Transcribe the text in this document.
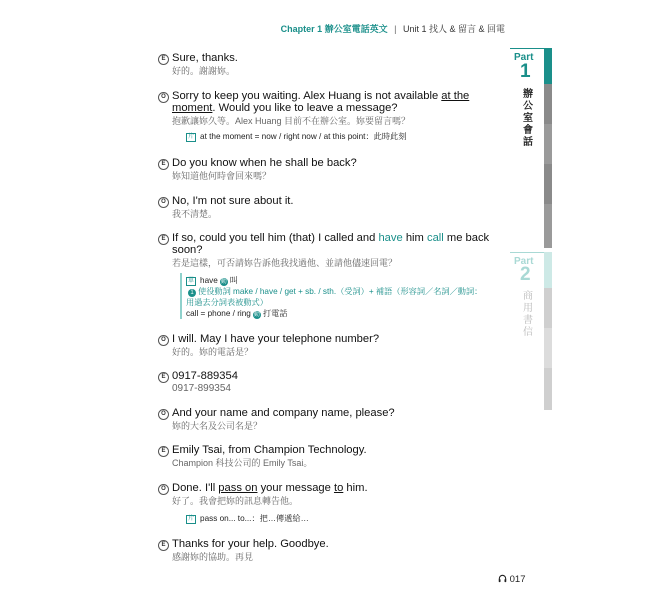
Chapter 1 辦公室電話英文 | Unit 1 找人 & 留言 & 回電
E Sure, thanks.
好的。謝謝妳。
O Sorry to keep you waiting. Alex Huang is not available at the
moment. Would you like to leave a message?
抱歉讓妳久等。Alex Huang 目前不在辦公室。妳要留言嗎？
片 at the moment = now / right now / at this point：此時此刻
E Do you know when he shall be back?
妳知道他何時會回來嗎？
O No, I'm not sure about it.
我不清楚。
E If so, could you tell him (that) I called and have him call me back soon?
若是這樣，可否請妳告訴他我找過他、並請他儘速回電？
單 have 動 叫
1 使役動詞 make / have / get + sb. / sth.（受詞）+ 補語（形容詞／名詞／動詞：
用過去分詞表被動式）
call = phone / ring 動 打電話
O I will. May I have your telephone number?
好的。妳的電話是？
E 0917-889354
0917-899354
O And your name and company name, please?
妳的大名及公司名是？
E Emily Tsai, from Champion Technology.
Champion 科技公司的 Emily Tsai。
O Done. I'll pass on your message to him.
好了。我會把妳的訊息轉告他。
片 pass on... to...：把…傳遞給…
E Thanks for your help. Goodbye.
感謝妳的協助。再見
Part
1
辦
公
室
會
話
Part
2
商
用
書
信
017
